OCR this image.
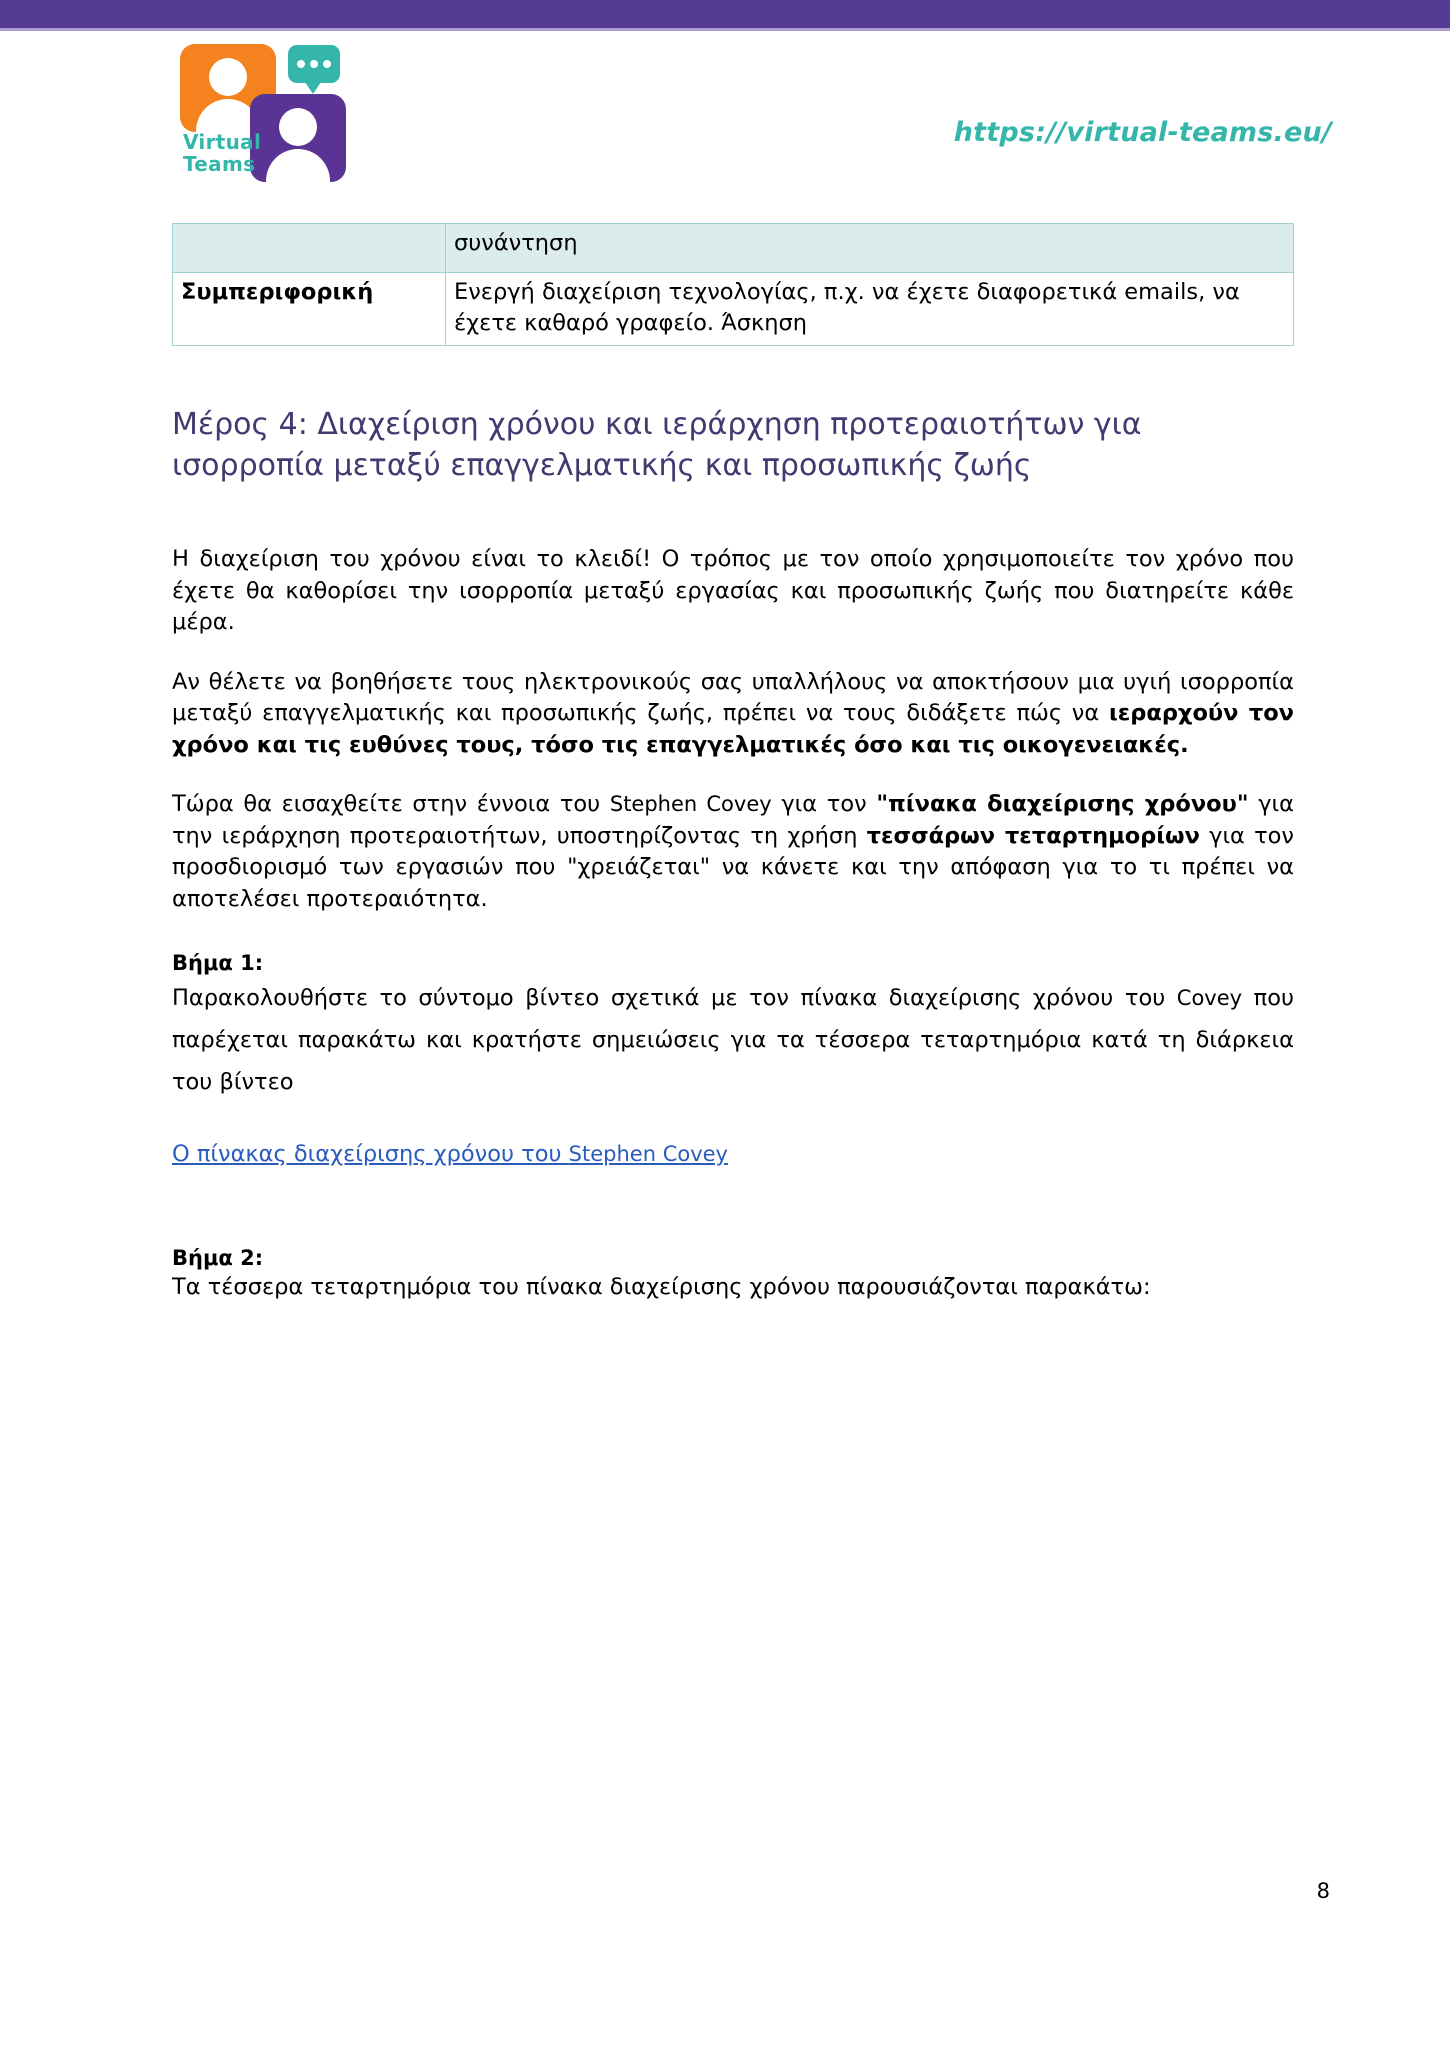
Virtual
Teams
https://virtual-teams.eu/
	συνάντηση
Συμπεριφορική	Ενεργή διαχείριση τεχνολογίας, π.χ. να έχετε διαφορετικά emails, να έχετε καθαρό γραφείο. Άσκηση
Μέρος 4: Διαχείριση χρόνου και ιεράρχηση προτεραιοτήτων για ισορροπία μεταξύ επαγγελματικής και προσωπικής ζωής
Η διαχείριση του χρόνου είναι το κλειδί! Ο τρόπος με τον οποίο χρησιμοποιείτε τον χρόνο που έχετε θα καθορίσει την ισορροπία μεταξύ εργασίας και προσωπικής ζωής που διατηρείτε κάθε μέρα.
Αν θέλετε να βοηθήσετε τους ηλεκτρονικούς σας υπαλλήλους να αποκτήσουν μια υγιή ισορροπία μεταξύ επαγγελματικής και προσωπικής ζωής, πρέπει να τους διδάξετε πώς να ιεραρχούν τον χρόνο και τις ευθύνες τους, τόσο τις επαγγελματικές όσο και τις οικογενειακές.
Τώρα θα εισαχθείτε στην έννοια του Stephen Covey για τον "πίνακα διαχείρισης χρόνου" για την ιεράρχηση προτεραιοτήτων, υποστηρίζοντας τη χρήση τεσσάρων τεταρτημορίων για τον προσδιορισμό των εργασιών που "χρειάζεται" να κάνετε και την απόφαση για το τι πρέπει να αποτελέσει προτεραιότητα.
Βήμα 1:
Παρακολουθήστε το σύντομο βίντεο σχετικά με τον πίνακα διαχείρισης χρόνου του Covey που παρέχεται παρακάτω και κρατήστε σημειώσεις για τα τέσσερα τεταρτημόρια κατά τη διάρκεια του βίντεο
Ο πίνακας διαχείρισης χρόνου του Stephen Covey
Βήμα 2:
Τα τέσσερα τεταρτημόρια του πίνακα διαχείρισης χρόνου παρουσιάζονται παρακάτω:
8
